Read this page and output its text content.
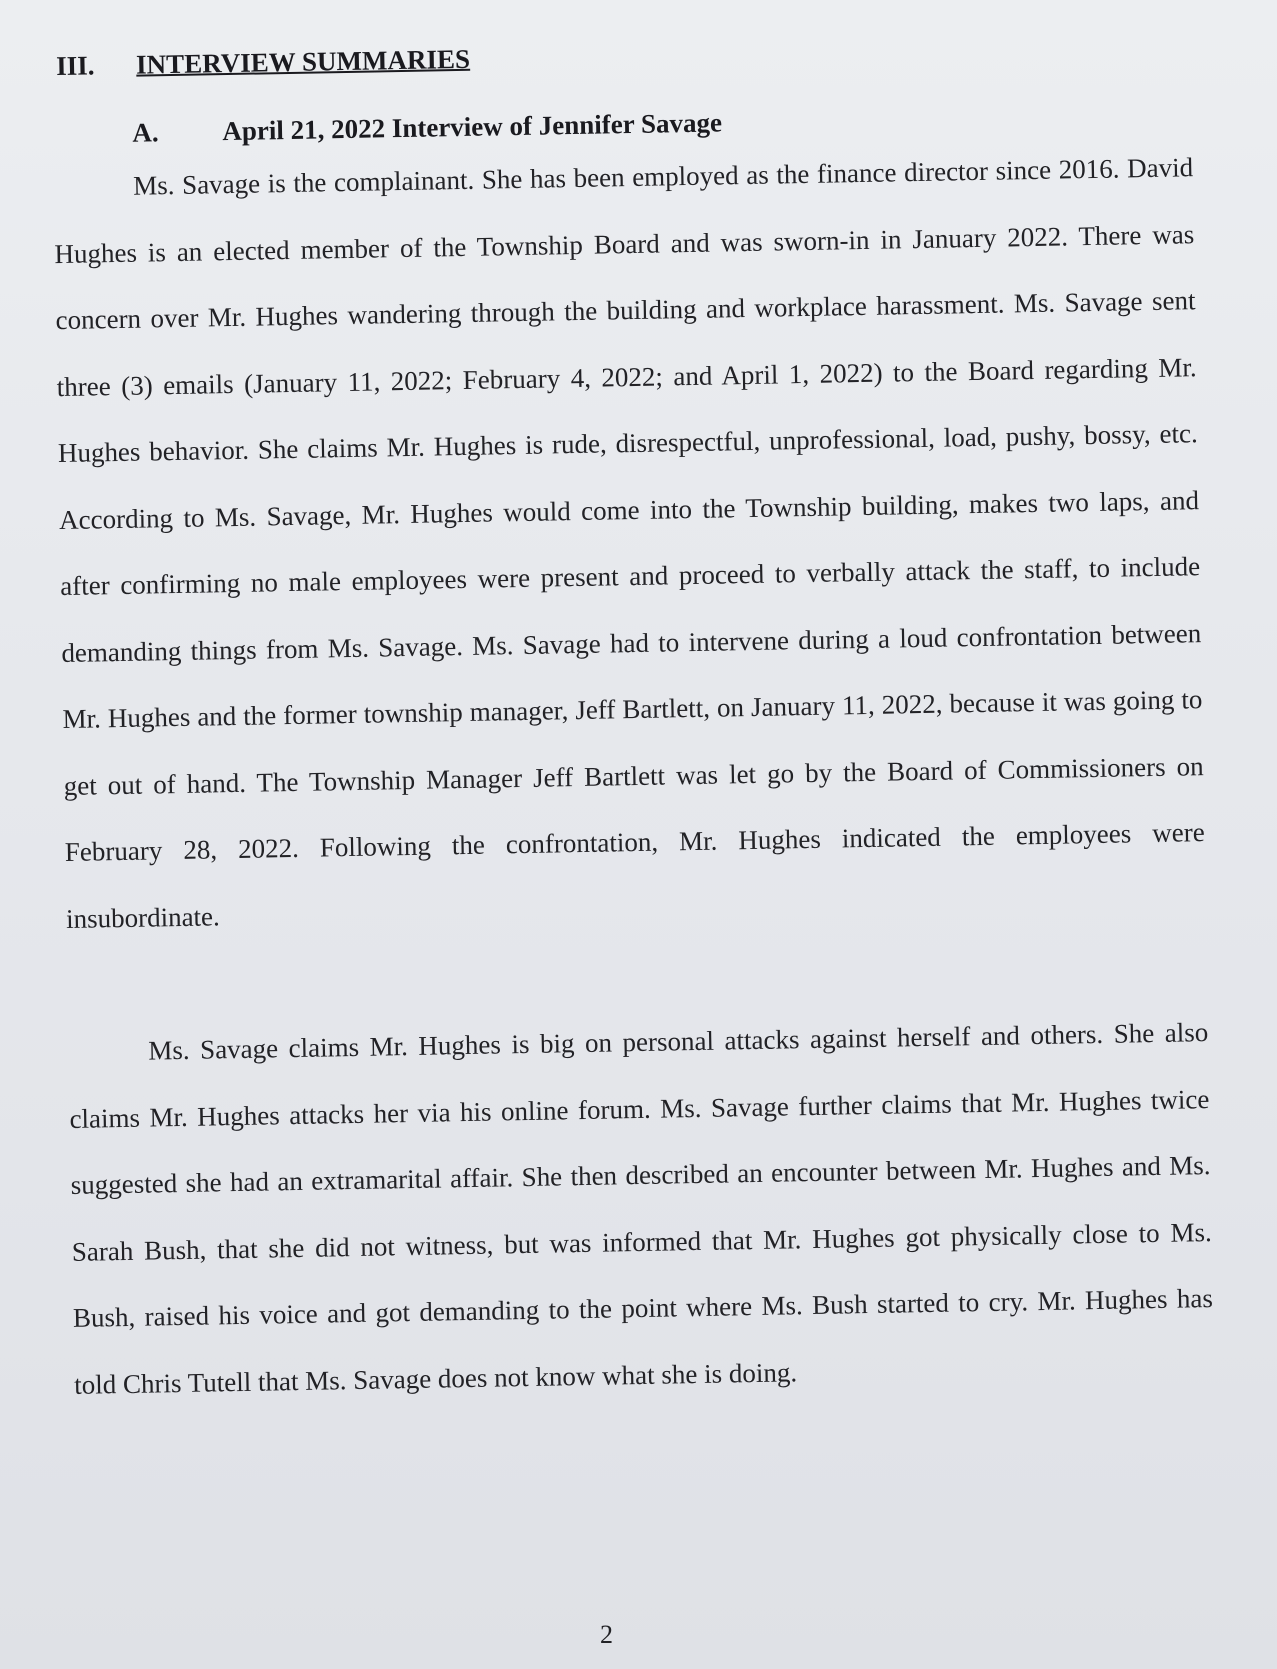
III. INTERVIEW SUMMARIES
A. April 21, 2022 Interview of Jennifer Savage

Ms. Savage is the complainant. She has been employed as the finance director since 2016. David Hughes is an elected member of the Township Board and was sworn-in in January 2022. There was concern over Mr. Hughes wandering through the building and workplace harassment. Ms. Savage sent three (3) emails (January 11, 2022; February 4, 2022; and April 1, 2022) to the Board regarding Mr. Hughes behavior. She claims Mr. Hughes is rude, disrespectful, unprofessional, load, pushy, bossy, etc. According to Ms. Savage, Mr. Hughes would come into the Township building, makes two laps, and after confirming no male employees were present and proceed to verbally attack the staff, to include demanding things from Ms. Savage. Ms. Savage had to intervene during a loud confrontation between Mr. Hughes and the former township manager, Jeff Bartlett, on January 11, 2022, because it was going to get out of hand. The Township Manager Jeff Bartlett was let go by the Board of Commissioners on February 28, 2022. Following the confrontation, Mr. Hughes indicated the employees were insubordinate.

Ms. Savage claims Mr. Hughes is big on personal attacks against herself and others. She also claims Mr. Hughes attacks her via his online forum. Ms. Savage further claims that Mr. Hughes twice suggested she had an extramarital affair. She then described an encounter between Mr. Hughes and Ms. Sarah Bush, that she did not witness, but was informed that Mr. Hughes got physically close to Ms. Bush, raised his voice and got demanding to the point where Ms. Bush started to cry. Mr. Hughes has told Chris Tutell that Ms. Savage does not know what she is doing.

2
